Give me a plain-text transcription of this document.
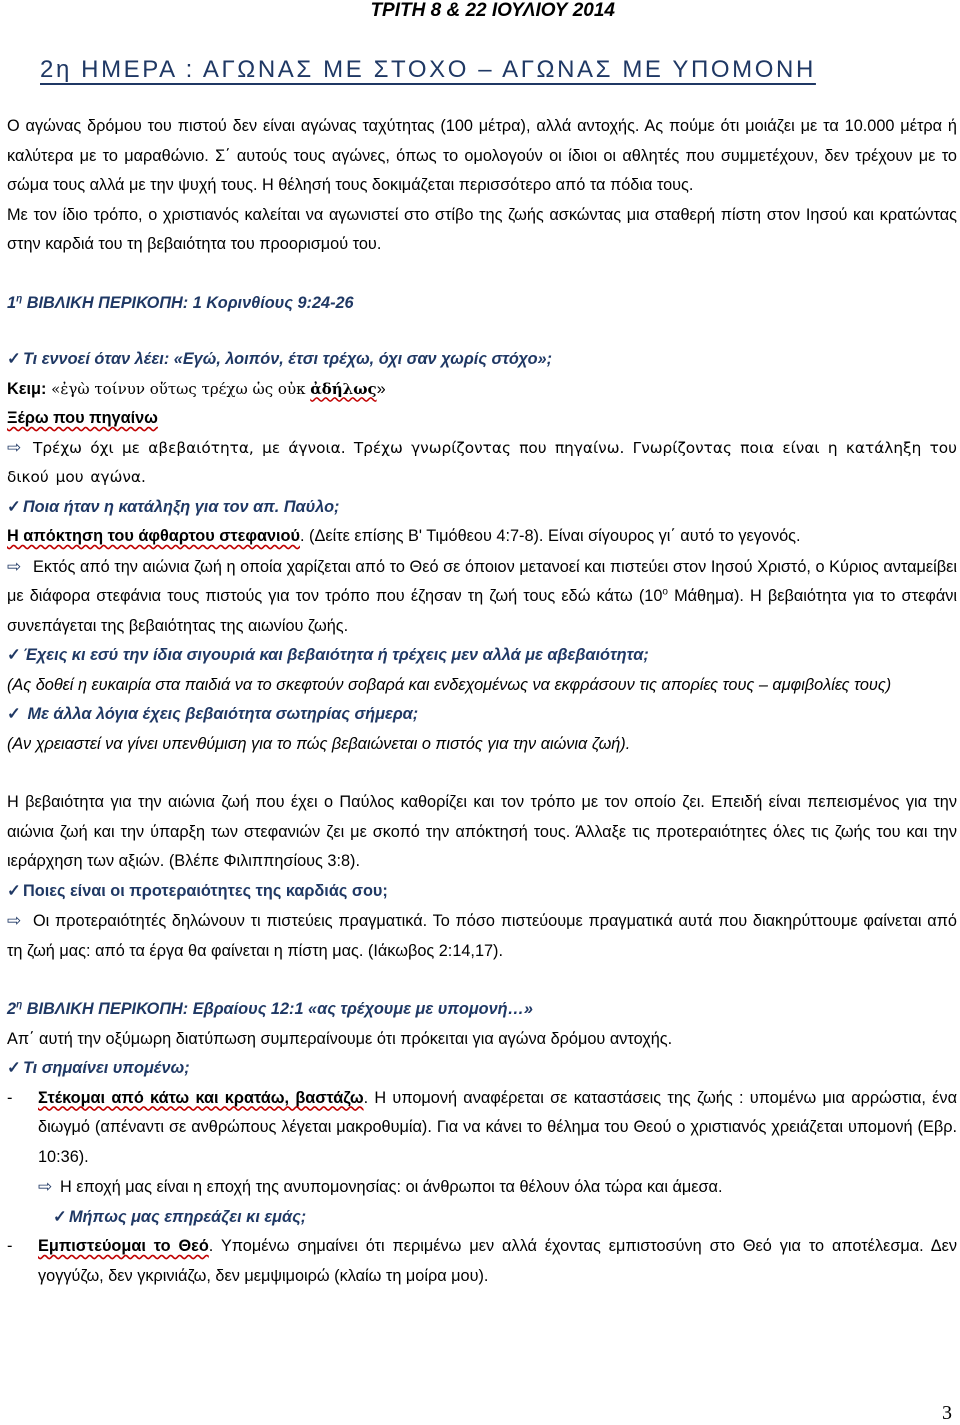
ΤΡΙΤΗ 8 & 22 ΙΟΥΛΙΟΥ 2014
2η ΗΜΕΡΑ : ΑΓΩΝΑΣ ΜΕ ΣΤΟΧΟ – ΑΓΩΝΑΣ ΜΕ ΥΠΟΜΟΝΗ

Ο αγώνας δρόμου του πιστού δεν είναι αγώνας ταχύτητας (100 μέτρα), αλλά αντοχής. Ας πούμε ότι μοιάζει με τα 10.000 μέτρα ή καλύτερα με το μαραθώνιο. Σ΄ αυτούς τους αγώνες, όπως το ομολογούν οι ίδιοι οι αθλητές που συμμετέχουν, δεν τρέχουν με το σώμα τους αλλά με την ψυχή τους. Η θέλησή τους δοκιμάζεται περισσότερο από τα πόδια τους.

Με τον ίδιο τρόπο, ο χριστιανός καλείται να αγωνιστεί στο στίβο της ζωής ασκώντας μια σταθερή πίστη στον Ιησού και κρατώντας στην καρδιά του τη βεβαιότητα του προορισμού του.

$1^\eta$ ΒΙΒΛΙΚΗ ΠΕΡΙΚΟΠΗ: 1 Κορινθίους 9:24-26

✓ Τι εννοεί όταν λέει: «Εγώ, λοιπόν, έτσι τρέχω, όχι σαν χωρίς στόχο»;

Κειμ: «ἐγὼ τοίνυν οὕτως τρέχω ὡς οὐκ ἀδήλως»

Ξέρω που πηγαίνω

⇨ Τρέχω όχι με αβεβαιότητα, με άγνοια. Τρέχω γνωρίζοντας που πηγαίνω. Γνωρίζοντας ποια είναι η κατάληξη του δικού μου αγώνα.

✓ Ποια ήταν η κατάληξη για τον απ. Παύλο;

Η απόκτηση του άφθαρτου στεφανιού. (Δείτε επίσης Β' Τιμόθεου 4:7-8). Είναι σίγουρος γι΄ αυτό το γεγονός.

⇨ Εκτός από την αιώνια ζωή η οποία χαρίζεται από το Θεό σε όποιον μετανοεί και πιστεύει στον Ιησού Χριστό, ο Κύριος ανταμείβει με διάφορα στεφάνια τους πιστούς για τον τρόπο που έζησαν τη ζωή τους εδώ κάτω ($10^o$ Μάθημα). Η βεβαιότητα για το στεφάνι συνεπάγεται της βεβαιότητας της αιωνίου ζωής.

✓ Έχεις κι εσύ την ίδια σιγουριά και βεβαιότητα ή τρέχεις μεν αλλά με αβεβαιότητα;

(Ας δοθεί η ευκαιρία στα παιδιά να το σκεφτούν σοβαρά και ενδεχομένως να εκφράσουν τις απορίες τους – αμφιβολίες τους)

✓ Με άλλα λόγια έχεις βεβαιότητα σωτηρίας σήμερα;

(Αν χρειαστεί να γίνει υπενθύμιση για το πώς βεβαιώνεται ο πιστός για την αιώνια ζωή).

Η βεβαιότητα για την αιώνια ζωή που έχει ο Παύλος καθορίζει και τον τρόπο με τον οποίο ζει. Επειδή είναι πεπεισμένος για την αιώνια ζωή και την ύπαρξη των στεφανιών ζει με σκοπό την απόκτησή τους. Άλλαξε τις προτεραιότητες όλες τις ζωής του και την ιεράρχηση των αξιών. (Βλέπε Φιλιππησίους 3:8).

✓ Ποιες είναι οι προτεραιότητες της καρδιάς σου;

⇨ Οι προτεραιότητές δηλώνουν τι πιστεύεις πραγματικά. Το πόσο πιστεύουμε πραγματικά αυτά που διακηρύττουμε φαίνεται από τη ζωή μας: από τα έργα θα φαίνεται η πίστη μας. (Ιάκωβος 2:14,17).

$2^\eta$ ΒΙΒΛΙΚΗ ΠΕΡΙΚΟΠΗ: Εβραίους 12:1 «ας τρέχουμε με υπομονή…»

Απ΄ αυτή την οξύμωρη διατύπωση συμπεραίνουμε ότι πρόκειται για αγώνα δρόμου αντοχής.

✓ Τι σημαίνει υπομένω;

-	Στέκομαι από κάτω και κρατάω, βαστάζω. Η υπομονή αναφέρεται σε καταστάσεις της ζωής : υπομένω μια αρρώστια, ένα διωγμό (απέναντι σε ανθρώπους λέγεται μακροθυμία). Για να κάνει το θέλημα του Θεού ο χριστιανός χρειάζεται υπομονή (Εβρ. 10:36).

⇨ Η εποχή μας είναι η εποχή της ανυπομονησίας: οι άνθρωποι τα θέλουν όλα τώρα και άμεσα.

✓ Μήπως μας επηρεάζει κι εμάς;

-	Εμπιστεύομαι το Θεό. Υπομένω σημαίνει ότι περιμένω μεν αλλά έχοντας εμπιστοσύνη στο Θεό για το αποτέλεσμα. Δεν γογγύζω, δεν γκρινιάζω, δεν μεμψιμοιρώ (κλαίω τη μοίρα μου).
3
